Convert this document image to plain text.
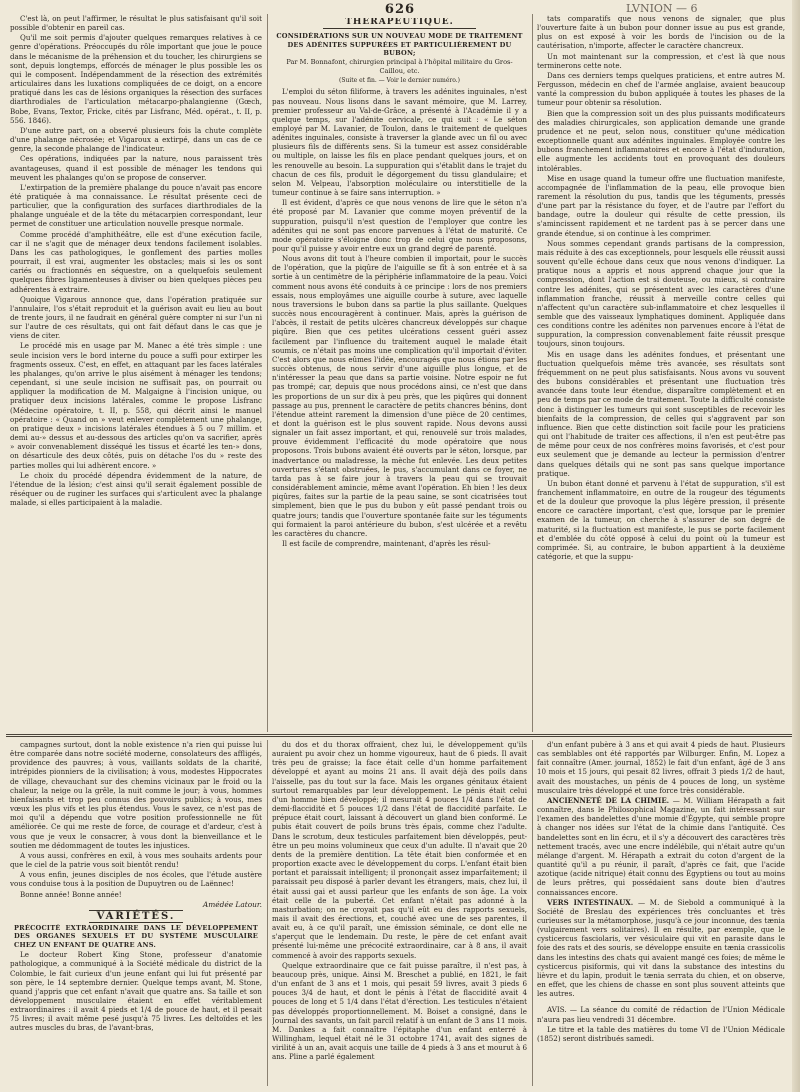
626	LVNION — 6

C'est là, on peut l'affirmer, le résultat le plus satisfaisant qu'il soit possible d'obtenir en pareil cas.

Qu'il me soit permis d'ajouter quelques remarques relatives à ce genre d'opérations. Préoccupés du rôle important que joue le pouce dans le mécanisme de la préhension et du toucher, les chirurgiens se sont, depuis longtemps, efforcés de ménager le plus possible les os qui le composent. Indépendamment de la résection des extrémités articulaires dans les luxations compliquées de ce doigt, on a encore pratiqué dans les cas de lésions organiques la résection des surfaces diarthrodiales de l'articulation métacarpo-phalangienne (Gœch, Bobe, Evans, Textor, Fricke, cités par Lisfranc, Méd. opérat., t. II, p. 556. 1846).

D'une autre part, on a observé plusieurs fois la chute complète d'une phalange nécrosée; et Vigaroux a extirpé, dans un cas de ce genre, la seconde phalange de l'indicateur.

Ces opérations, indiquées par la nature, nous paraissent très avantageuses, quand il est possible de ménager les tendons qui meuvent les phalanges qu'on se propose de conserver.

L'extirpation de la première phalange du pouce n'avait pas encore été pratiquée à ma connaissance. Le résultat présente ceci de particulier, que la configuration des surfaces diarthrodiales de la phalange unguéale et de la tête du métacarpien correspondant, leur permet de constituer une articulation nouvelle presque normale.

Comme procédé d'amphithéâtre, elle est d'une exécution facile, car il ne s'agit que de ménager deux tendons facilement isolables. Dans les cas pathologiques, le gonflement des parties molles pourrait, il est vrai, augmenter les obstacles; mais si les os sont cariés ou fractionnés en séquestre, on a quelquefois seulement quelques fibres ligamenteuses à diviser ou bien quelques pièces peu adhérentes à extraire.

Quoique Vigarous annonce que, dans l'opération pratiquée sur l'annulaire, l'os s'était reproduit et la guérison avait eu lieu au bout de trente jours, il ne faudrait en général guère compter ni sur l'un ni sur l'autre de ces résultats, qui ont fait défaut dans le cas que je viens de citer.

Le procédé mis en usage par M. Manec a été très simple : une seule incision vers le bord interne du pouce a suffi pour extirper les fragments osseux. C'est, en effet, en attaquant par les faces latérales les phalanges, qu'on arrive le plus aisément à ménager les tendons; cependant, si une seule incision ne suffisait pas, on pourrait ou appliquer la modification de M. Malgaigne à l'incision unique, ou pratiquer deux incisions latérales, comme le propose Lisfranc (Médecine opératoire, t. II, p. 558, qui décrit ainsi le manuel opératoire : « Quand on » veut enlever complètement une phalange, on pratique deux » incisions latérales étendues à 5 ou 7 millim. et demi au-» dessus et au-dessous des articles qu'on va sacrifier, après » avoir convenablement disséqué les tissus et écarté les ten-» dons, on désarticule des deux côtés, puis on détache l'os du » reste des parties molles qui lui adhèrent encore. »

Le choix du procédé dépendra évidemment de la nature, de l'étendue de la lésion; c'est ainsi qu'il serait également possible de réséquer ou de ruginer les surfaces qui s'articulent avec la phalange malade, si elles participaient à la maladie.

THÉRAPEUTIQUE.
CONSIDÉRATIONS SUR UN NOUVEAU MODE DE TRAITEMENT DES ADÉNITES SUPPURÉES ET PARTICULIÈREMENT DU BUBON;
Par M. Bonnafont, chirurgien principal à l'hôpital militaire du Gros-Caillou, etc.
(Suite et fin. — Voir le dernier numéro.)

L'emploi du séton filiforme, à travers les adénites inguinales, n'est pas nouveau. Nous lisons dans le savant mémoire, que M. Larrey, premier professeur au Val-de-Grâce, a présenté à l'Académie il y a quelque temps, sur l'adénite cervicale, ce qui suit : « Le séton employé par M. Lavanier, de Toulon, dans le traitement de quelques adénites inguinales, consiste à traverser la glande avec un fil ou avec plusieurs fils de différents sens. Si la tumeur est assez considérable ou multiple, on laisse les fils en place pendant quelques jours, et on les renouvelle au besoin. La suppuration qui s'établit dans le trajet du chacun de ces fils, produit le dégorgement du tissu glandulaire; et selon M. Velpeau, l'absorption moléculaire ou interstitielle de la tumeur continue à se faire sans interruption. »

Il est évident, d'après ce que nous venons de lire que le séton n'a été proposé par M. Lavanier que comme moyen préventif de la suppuration, puisqu'il n'est question de l'employer que contre les adénites qui ne sont pas encore parvenues à l'état de maturité. Ce mode opératoire s'éloigne donc trop de celui que nous proposons, pour qu'il puisse y avoir entre eux un grand degré de parenté.

Nous avons dit tout à l'heure combien il importait, pour le succès de l'opération, que la piqûre de l'aiguille se fît à son entrée et à sa sortie à un centimètre de la périphérie inflammatoire de la peau. Voici comment nous avons été conduits à ce principe : lors de nos premiers essais, nous employâmes une aiguille courbe à suture, avec laquelle nous traversions le bubon dans sa partie la plus saillante. Quelques succès nous encouragèrent à continuer. Mais, après la guérison de l'abcès, il restait de petits ulcères chancreux développés sur chaque piqûre. Bien que ces petites ulcérations cessent guéri assez facilement par l'influence du traitement auquel le malade était soumis, ce n'était pas moins une complication qu'il importait d'éviter. C'est alors que nous eûmes l'idée, encouragés que nous étions par les succès obtenus, de nous servir d'une aiguille plus longue, et de n'intéresser la peau que dans sa partie voisine. Notre espoir ne fut pas trompé; car, depuis que nous procédons ainsi, ce n'est que dans les proportions de un sur dix à peu près, que les piqûres qui donnent passage au pus, prennent le caractère de petits chancres bénins, dont l'étendue atteint rarement la dimension d'une pièce de 20 centimes, et dont la guérison est le plus souvent rapide. Nous devons aussi signaler un fait assez important, et qui, renouvelé sur trois malades, prouve évidemment l'efficacité du mode opératoire que nous proposons. Trois bubons avaient été ouverts par le séton, lorsque, par inadvertance ou maladresse, la mèche fut enlevée. Les deux petites ouvertures s'étant obstruées, le pus, s'accumulant dans ce foyer, ne tarda pas à se faire jour à travers la peau qui se trouvait considérablement amincie, même avant l'opération. Eh bien ! les deux piqûres, faites sur la partie de la peau saine, se sont cicatrisées tout simplement, bien que le pus du bubon y eût passé pendant trois ou quatre jours; tandis que l'ouverture spontanée faite sur les téguments qui formaient la paroi antérieure du bubon, s'est ulcérée et a revêtu les caractères du chancre.

Il est facile de comprendre, maintenant, d'après les résul-

tats comparatifs que nous venons de signaler, que plus l'ouverture faite à un bubon pour donner issue au pus est grande, plus on est exposé à voir les bords de l'incision ou de la cautérisation, n'importe, affecter le caractère chancreux.

Un mot maintenant sur la compression, et c'est là que nous terminerons cette note.

Dans ces derniers temps quelques praticiens, et entre autres M. Fergusson, médecin en chef de l'armée anglaise, avaient beaucoup vanté la compression du bubon appliquée à toutes les phases de la tumeur pour obtenir sa résolution.

Bien que la compression soit un des plus puissants modificateurs des maladies chirurgicales, son application demande une grande prudence et ne peut, selon nous, constituer qu'une médication exceptionnelle quant aux adénites inguinales. Employée contre les bubons franchement inflammatoires et encore à l'état d'induration, elle augmente les accidents tout en provoquant des douleurs intolérables.

Mise en usage quand la tumeur offre une fluctuation manifeste, accompagnée de l'inflammation de la peau, elle provoque bien rarement la résolution du pus, tandis que les téguments, pressés d'une part par la résistance du foyer, et de l'autre par l'effort du bandage, outre la douleur qui résulte de cette pression, ils s'amincissent rapidement et ne tardent pas à se percer dans une grande étendue, si on continue à les comprimer.

Nous sommes cependant grands partisans de la compression, mais réduite à des cas exceptionnels, pour lesquels elle réussit aussi souvent qu'elle échoue dans ceux que nous venons d'indiquer. La pratique nous a appris et nous apprend chaque jour que la compression, dont l'action est si douteuse, ou mieux, si contraire contre les adénites, qui se présentent avec les caractères d'une inflammation franche, réussit à merveille contre celles qui n'affectent qu'un caractère sub-inflammatoire et chez lesquelles il semble que des vaisseaux lymphatiques dominent. Appliquée dans ces conditions contre les adénites non parvenues encore à l'état de suppuration, la compression convenablement faite réussit presque toujours, sinon toujours.

Mis en usage dans les adénites fondues, et présentant une fluctuation quelquefois même très avancée, ses résultats sont fréquemment on ne peut plus satisfaisants. Nous avons vu souvent des bubons considérables et présentant une fluctuation très avancée dans toute leur étendue, disparaître complètement et en peu de temps par ce mode de traitement. Toute la difficulté consiste donc à distinguer les tumeurs qui sont susceptibles de recevoir les bienfaits de la compression, de celles qui s'aggravent par son influence. Bien que cette distinction soit facile pour les praticiens qui ont l'habitude de traiter ces affections, il n'en est peut-être pas de même pour ceux de nos confrères moins favorisés, et c'est pour eux seulement que je demande au lecteur la permission d'entrer dans quelques détails qui ne sont pas sans quelque importance pratique.

Un bubon étant donné et parvenu à l'état de suppuration, s'il est franchement inflammatoire, en outre de la rougeur des téguments et de la douleur que provoque la plus légère pression, il présente encore ce caractère important, c'est que, lorsque par le premier examen de la tumeur, on cherche à s'assurer de son degré de maturité, si la fluctuation est manifeste, le pus se porte facilement et d'emblée du côté opposé à celui du point où la tumeur est comprimée. Si, au contraire, le bubon appartient à la deuxième catégorie, et que la suppu-

campagnes surtout, dont la noble existence n'a rien qui puisse lui être comparée dans notre société moderne, consolateurs des affligés, providence des pauvres; à vous, vaillants soldats de la charité, intrépides pionniers de la civilisation; à vous, modestes Hippocrates de village, chevauchant sur des chemins vicinaux par le froid ou la chaleur, la neige ou la grêle, la nuit comme le jour; à vous, hommes bienfaisants et trop peu connus des pouvoirs publics; à vous, mes vœux les plus vifs et les plus étendus. Vous le savez, ce n'est pas de moi qu'il a dépendu que votre position professionnelle ne fût améliorée. Ce qui me reste de force, de courage et d'ardeur, c'est à vous que je veux le consacrer, à vous dont la bienveillance et le soutien me dédommagent de toutes les injustices.

A vous aussi, confrères en exil, à vous mes souhaits ardents pour que le ciel de la patrie vous soit bientôt rendu!

A vous enfin, jeunes disciples de nos écoles, que l'étude austère vous conduise tous à la position de Dupuytren ou de Laënnec!

Bonne année! Bonne année!

Amédée Latour.

VARIÉTÉS.
PRÉCOCITÉ EXTRAORDINAIRE DANS LE DÉVELOPPEMENT DES ORGANES SEXUELS ET DU SYSTÈME MUSCULAIRE CHEZ UN ENFANT DE QUATRE ANS.

Le docteur Robert King Stone, professeur d'anatomie pathologique, a communiqué à la Société médicale du district de la Colombie, le fait curieux d'un jeune enfant qui lui fut présenté par son père, le 14 septembre dernier. Quelque temps avant, M. Stone, quand j'appris que cet enfant n'avait que quatre ans. Sa taille et son développement musculaire étaient en effet véritablement extraordinaires : il avait 4 pieds et 1/4 de pouce de haut, et il pesait 75 livres; il avait même pesé jusqu'à 75 livres. Les deltoïdes et les autres muscles du bras, de l'avant-bras,

du dos et du thorax offraient, chez lui, le développement qu'ils auraient pu avoir chez un homme vigoureux, haut de 6 pieds. Il avait très peu de graisse; la face était celle d'un homme parfaitement développé et ayant au moins 21 ans. Il avait déjà des poils dans l'aisselle, pas du tout sur la face. Mais les organes génitaux étaient surtout remarquables par leur développement. Le pénis était celui d'un homme bien développé; il mesurait 4 pouces 1/4 dans l'état de demi-flaccidité et 5 pouces 1/2 dans l'état de flaccidité parfaite. Le prépuce était court, laissant à découvert un gland bien conformé. Le pubis était couvert de poils bruns très épais, comme chez l'adulte. Dans le scrotum, deux testicules parfaitement bien développés, peut-être un peu moins volumineux que ceux d'un adulte. Il n'avait que 20 dents de la première dentition. La tête était bien conformée et en proportion exacte avec le développement du corps. L'enfant était bien portant et paraissait intelligent; il prononçait assez imparfaitement; il paraissait peu disposé à parler devant les étrangers, mais, chez lui, il était aussi gai et aussi parleur que les enfants de son âge. La voix était celle de la puberté. Cet enfant n'était pas adonné à la masturbation; on ne croyait pas qu'il eût eu des rapports sexuels, mais il avait des érections, et, couché avec une de ses parentes, il avait eu, à ce qu'il paraît, une émission séminale, ce dont elle ne s'aperçut que le lendemain. Du reste, le père de cet enfant avait présenté lui-même une précocité extraordinaire, car à 8 ans, il avait commencé à avoir des rapports sexuels.

Quelque extraordinaire que ce fait puisse paraître, il n'est pas, à beaucoup près, unique. Ainsi M. Breschet a publié, en 1821, le fait d'un enfant de 3 ans et 1 mois, qui pesait 59 livres, avait 3 pieds 6 pouces 3/4 de haut, et dont le pénis à l'état de flaccidité avait 4 pouces de long et 5 1/4 dans l'état d'érection. Les testicules n'étaient pas développés proportionnellement. M. Boiset a consigné, dans le Journal des savants, un fait parcil relatif à un enfant de 3 ans 11 mois. M. Dankes a fait connaître l'épitaphe d'un enfant enterré à Willingham, lequel était né le 31 octobre 1741, avait des signes de virilité à un an, avait acquis une taille de 4 pieds à 3 ans et mourut à 6 ans. Pline a parlé également

d'un enfant pubère à 3 ans et qui avait 4 pieds de haut. Plusieurs cas semblables ont été rapportés par Wilburger. Enfin, M. Lopez a fait connaître (Amer. journal, 1852) le fait d'un enfant, âgé de 3 ans 10 mois et 15 jours, qui pesait 82 livres, offrait 3 pieds 1/2 de haut, avait des moustaches, un pénis de 4 pouces de long, un système musculaire très développé et une force très considérable.

ANCIENNETÉ DE LA CHIMIE. — M. William Hérapath a fait connaître, dans le Philosophical Magazine, un fait intéressant sur l'examen des bandelettes d'une momie d'Égypte, qui semble propre à changer nos idées sur l'état de la chimie dans l'antiquité. Ces bandelettes sont en lin écru, et il s'y a découvert des caractères très nettement tracés, avec une encre indélébile, qui n'était autre qu'un mélange d'argent. M. Hérapath a extrait du coton d'argent de la quantité qu'il a pu réunir, il paraît, d'après ce fait, que l'acide azotique (acide nitrique) était connu des Égyptiens ou tout au moins de leurs prêtres, qui possédaient sans doute bien d'autres connaissances encore.

VERS INTESTINAUX. — M. de Siebold a communiqué à la Société de Breslau des expériences très concluantes et très curieuses sur la métamorphose, jusqu'à ce jour inconnue, des tænia (vulgairement vers solitaires). Il en résulte, par exemple, que le cysticercus fasciolaris, ver vésiculaire qui vit en parasite dans le foie des rats et des souris, se développe ensuite en tænia crassicolis dans les intestins des chats qui avaient mangé ces foies; de même le cysticercus pisiformis, qui vit dans la substance des intestins du lièvre et du lapin, produit le tænia serrata du chien, et on observe, en effet, que les chiens de chasse en sont plus souvent atteints que les autres.

AVIS. — La séance du comité de rédaction de l'Union Médicale n'aura pas lieu vendredi 31 décembre.

Le titre et la table des matières du tome VI de l'Union Médicale (1852) seront distribués samedi.
